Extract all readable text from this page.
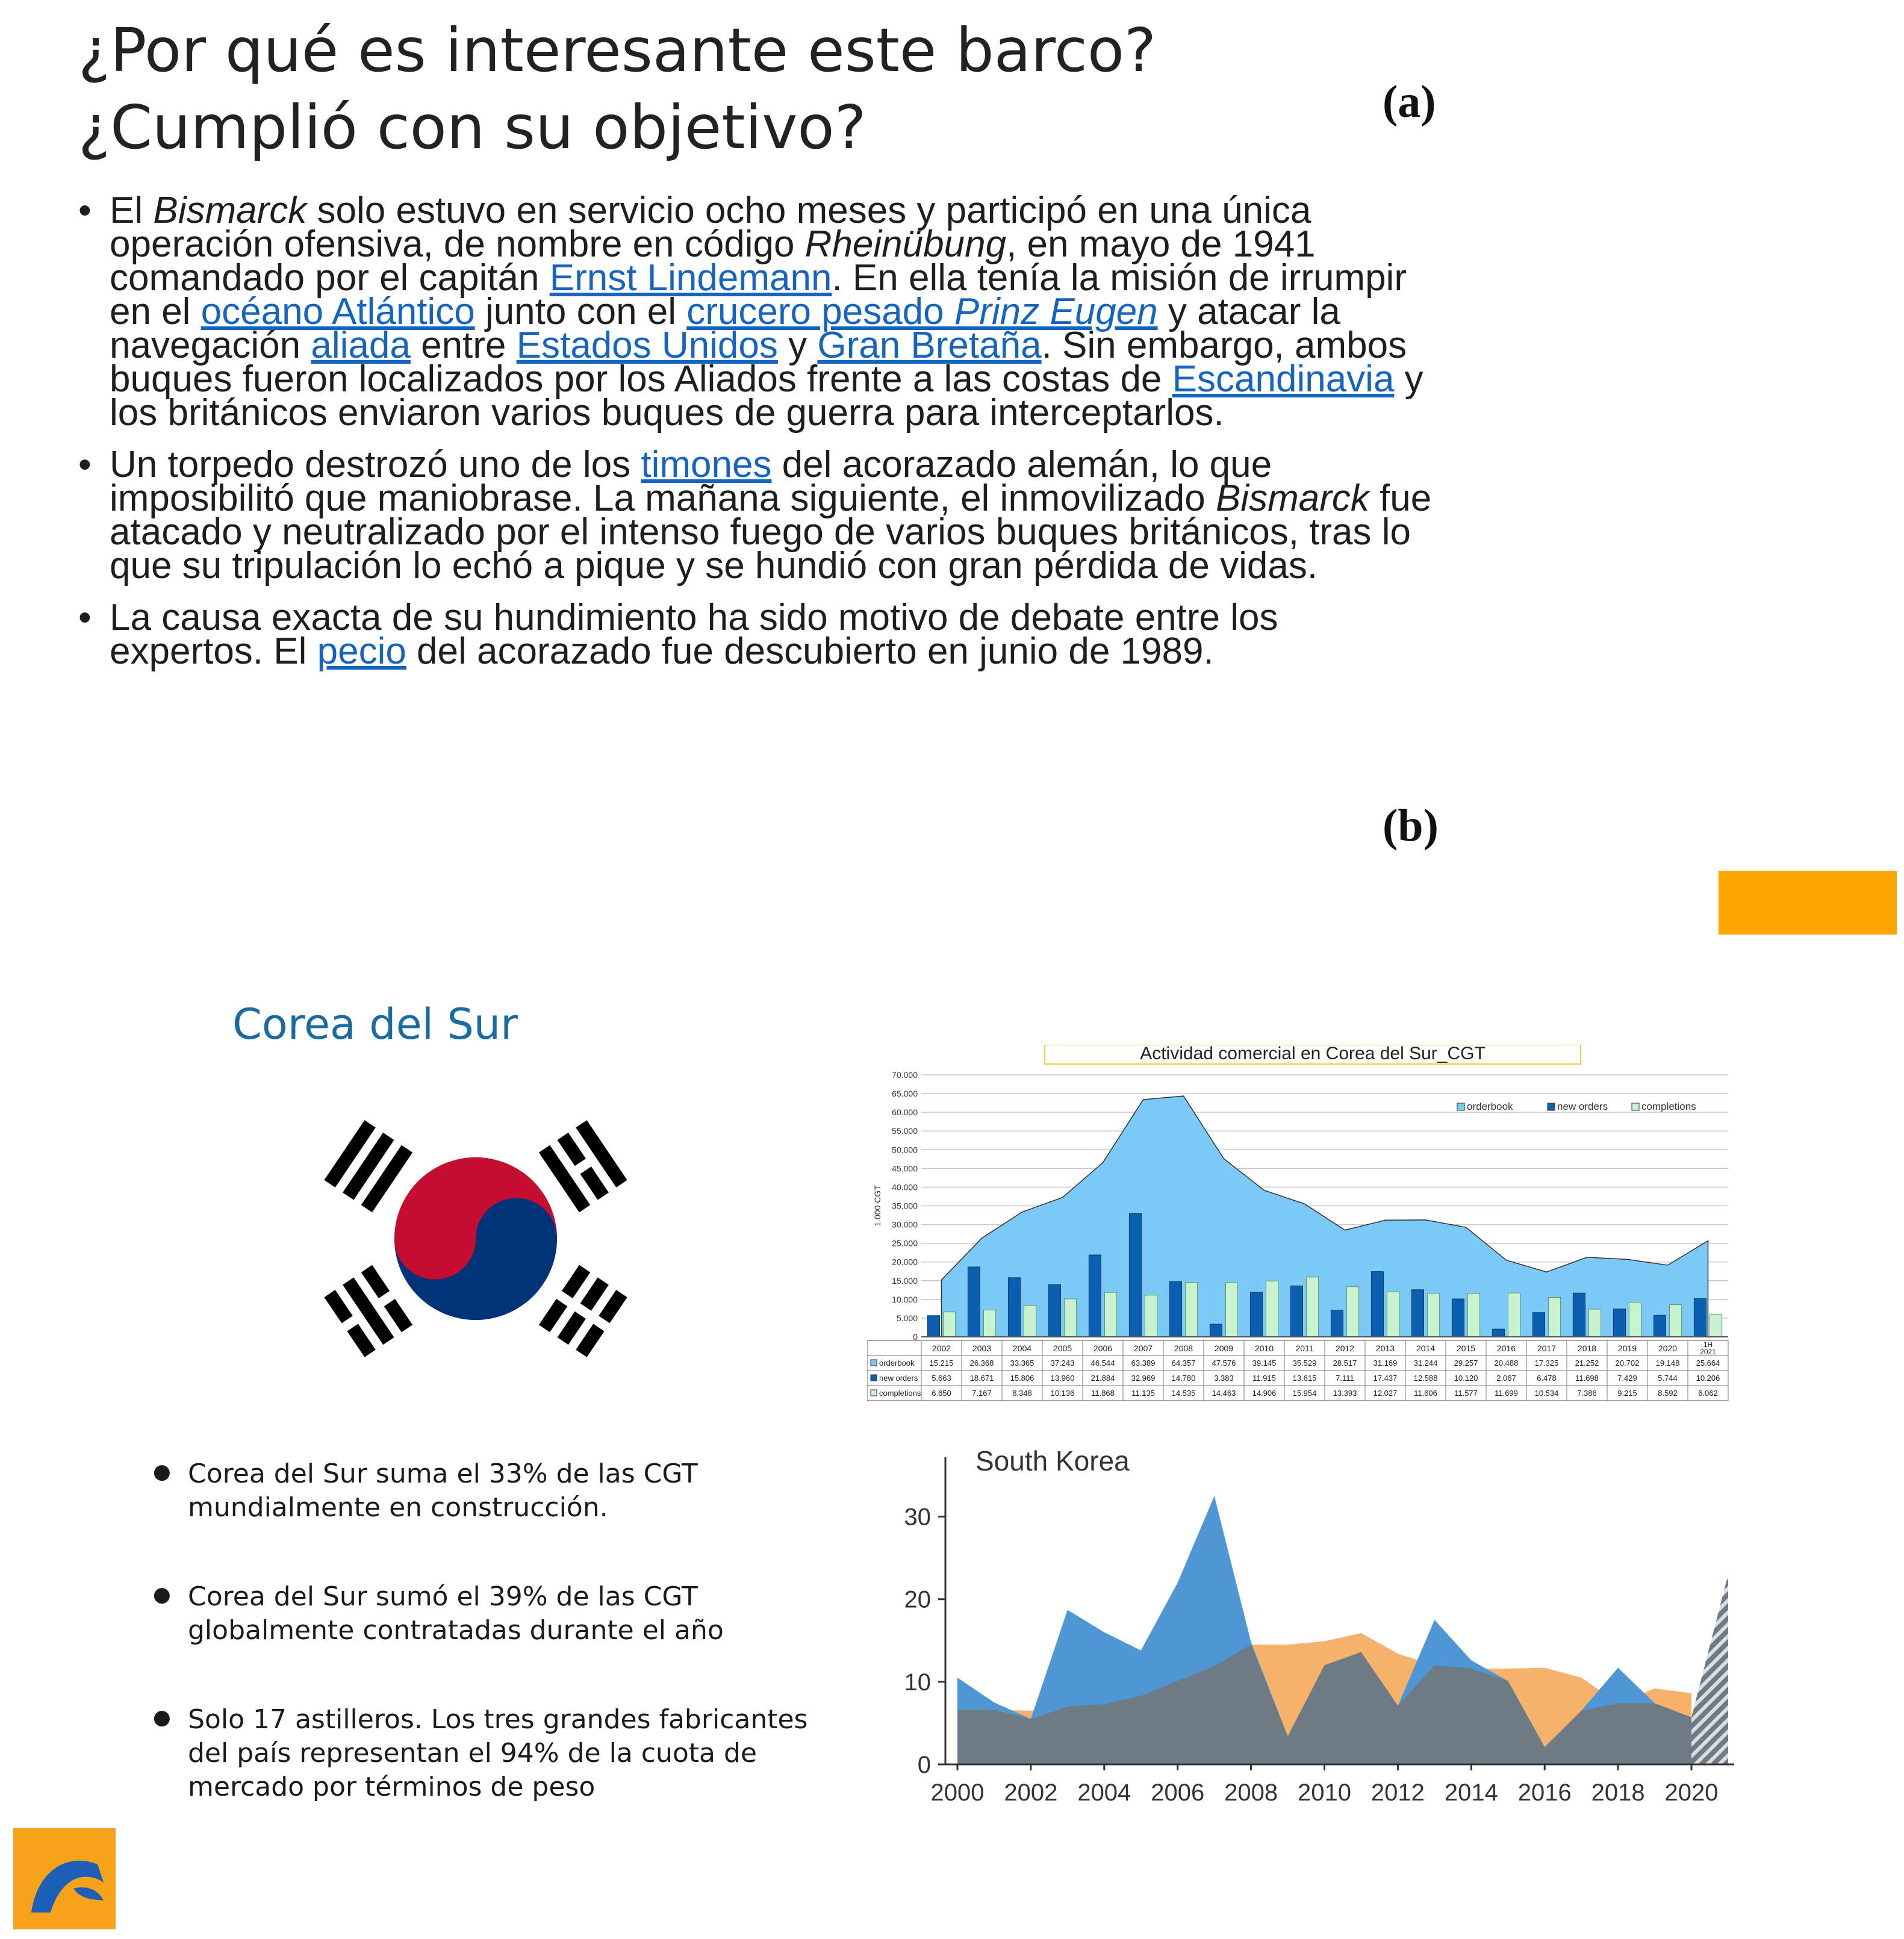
¿Por qué es interesante este barco?
¿Cumplió con su objetivo?	(a)
(b)
• El Bismarck solo estuvo en servicio ocho meses y participó en una única operación ofensiva, de nombre en código Rheinübung, en mayo de 1941 comandado por el capitán Ernst Lindemann. En ella tenía la misión de irrumpir en el océano Atlántico junto con el crucero pesado Prinz Eugen y atacar la navegación aliada entre Estados Unidos y Gran Bretaña. Sin embargo, ambos buques fueron localizados por los Aliados frente a las costas de Escandinavia y los británicos enviaron varios buques de guerra para interceptarlos.
• Un torpedo destrozó uno de los timones del acorazado alemán, lo que imposibilitó que maniobrase. La mañana siguiente, el inmovilizado Bismarck fue atacado y neutralizado por el intenso fuego de varios buques británicos, tras lo que su tripulación lo echó a pique y se hundió con gran pérdida de vidas.
• La causa exacta de su hundimiento ha sido motivo de debate entre los expertos. El pecio del acorazado fue descubierto en junio de 1989.
Corea del Sur
● Corea del Sur suma el 33% de las CGT mundialmente en construcción.
● Corea del Sur sumó el 39% de las CGT globalmente contratadas durante el año
● Solo 17 astilleros. Los tres grandes fabricantes del país representan el 94% de la cuota de mercado por términos de peso
Actividad comercial en Corea del Sur_CGT
0
5.000
10.000
15.000
20.000
25.000
30.000
35.000
40.000
45.000
50.000
55.000
60.000
65.000
70.000
1.000 CGT
orderbook	new orders	completions
2002	2003	2004	2005	2006	2007	2008	2009	2010	2011	2012	2013	2014	2015	2016	2017	2018	2019	2020	1H
2021
orderbook 15.215 26.368 33.365 37.243 46.544 63.389 64.357 47.576 39.145 35.529 28.517 31.169 31.244 29.257 20.488 17.325 21.252 20.702 19.148 25.664
new orders 5.663 18.671 15.806 13.960 21.884 32.969 14.780 3.383 11.915 13.615 7.111 17.437 12.588 10.120 2.067	6.478 11.698 7.429	5.744 10.206
completions 6.650	7.167	8.348 10.136 11.868 11.135 14.535 14.463 14.906 15.954 13.393 12.027 11.606 11.577 11.699 10.534 7.386	9.215	8.592	6.062
South Korea
0
10
20
30
2000 2002 2004 2006 2008 2010 2012 2014 2016 2018 2020
